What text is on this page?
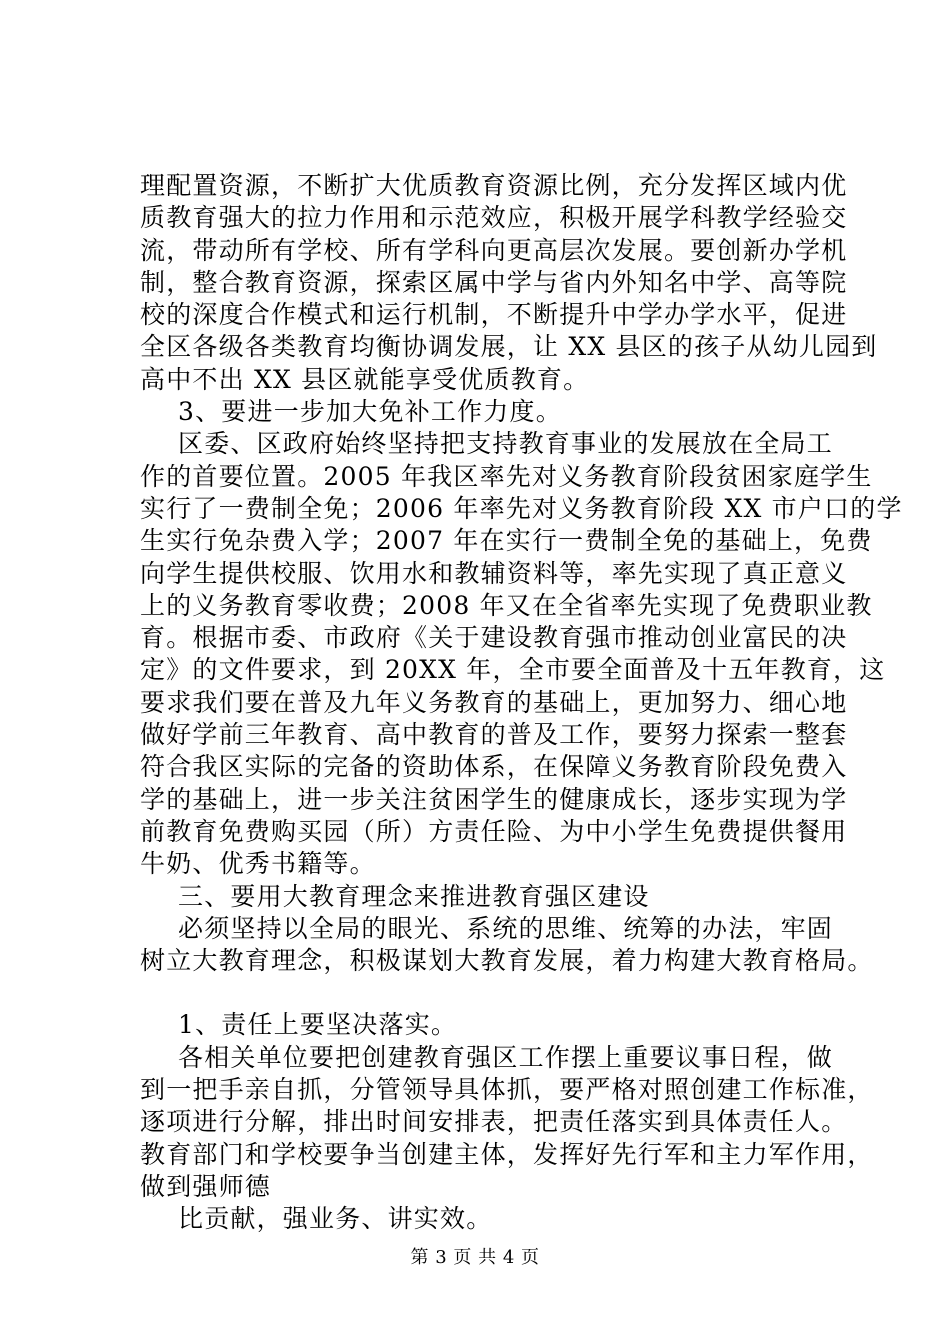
理配置资源，不断扩大优质教育资源比例，充分发挥区域内优
质教育强大的拉力作用和示范效应，积极开展学科教学经验交
流，带动所有学校、所有学科向更高层次发展。要创新办学机
制，整合教育资源，探索区属中学与省内外知名中学、高等院
校的深度合作模式和运行机制，不断提升中学办学水平，促进
全区各级各类教育均衡协调发展，让 XX 县区的孩子从幼儿园到
高中不出 XX 县区就能享受优质教育。
3、要进一步加大免补工作力度。
区委、区政府始终坚持把支持教育事业的发展放在全局工
作的首要位置。2005 年我区率先对义务教育阶段贫困家庭学生
实行了一费制全免；2006 年率先对义务教育阶段 XX 市户口的学
生实行免杂费入学；2007 年在实行一费制全免的基础上，免费
向学生提供校服、饮用水和教辅资料等，率先实现了真正意义
上的义务教育零收费；2008 年又在全省率先实现了免费职业教
育。根据市委、市政府《关于建设教育强市推动创业富民的决
定》的文件要求，到 20XX 年，全市要全面普及十五年教育，这
要求我们要在普及九年义务教育的基础上，更加努力、细心地
做好学前三年教育、高中教育的普及工作，要努力探索一整套
符合我区实际的完备的资助体系，在保障义务教育阶段免费入
学的基础上，进一步关注贫困学生的健康成长，逐步实现为学
前教育免费购买园（所）方责任险、为中小学生免费提供餐用
牛奶、优秀书籍等。
三、要用大教育理念来推进教育强区建设
必须坚持以全局的眼光、系统的思维、统筹的办法，牢固
树立大教育理念，积极谋划大教育发展，着力构建大教育格局。
1、责任上要坚决落实。
各相关单位要把创建教育强区工作摆上重要议事日程，做
到一把手亲自抓，分管领导具体抓，要严格对照创建工作标准，
逐项进行分解，排出时间安排表，把责任落实到具体责任人。
教育部门和学校要争当创建主体，发挥好先行军和主力军作用，
做到强师德
比贡献，强业务、讲实效。
第 3 页 共 4 页
